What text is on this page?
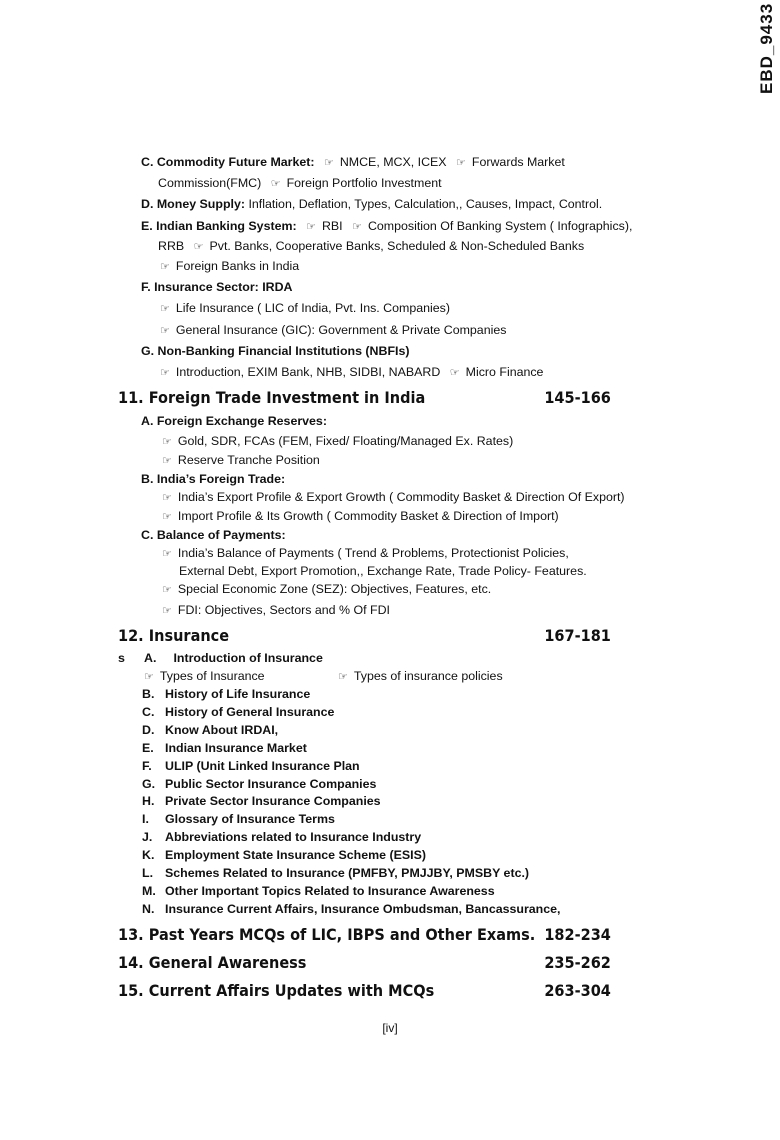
EBD_9433
C. Commodity Future Market: ☞ NMCE, MCX, ICEX ☞ Forwards Market
Commission(FMC) ☞ Foreign Portfolio Investment
D. Money Supply: Inflation, Deflation, Types, Calculation,, Causes, Impact, Control.
E. Indian Banking System: ☞ RBI ☞ Composition Of Banking System ( Infographics),
RRB ☞ Pvt. Banks, Cooperative Banks, Scheduled & Non-Scheduled Banks
☞ Foreign Banks in India
F. Insurance Sector: IRDA
☞ Life Insurance ( LIC of India, Pvt. Ins. Companies)
☞ General Insurance (GIC): Government & Private Companies
G. Non-Banking Financial Institutions (NBFIs)
☞ Introduction, EXIM Bank, NHB, SIDBI, NABARD ☞ Micro Finance
11. Foreign Trade Investment in India	145-166
A. Foreign Exchange Reserves:
☞ Gold, SDR, FCAs (FEM, Fixed/ Floating/Managed Ex. Rates)
☞ Reserve Tranche Position
B. India’s Foreign Trade:
☞ India’s Export Profile & Export Growth ( Commodity Basket & Direction Of Export)
☞ Import Profile & Its Growth ( Commodity Basket & Direction of Import)
C. Balance of Payments:
☞ India’s Balance of Payments ( Trend & Problems, Protectionist Policies,
External Debt, Export Promotion,, Exchange Rate, Trade Policy- Features.
☞ Special Economic Zone (SEZ): Objectives, Features, etc.
☞ FDI: Objectives, Sectors and % Of FDI
12. Insurance	167-181
s A. Introduction of Insurance
☞ Types of Insurance	☞ Types of insurance policies
B. History of Life Insurance
C. History of General Insurance
D. Know About IRDAI,
E. Indian Insurance Market
F. ULIP (Unit Linked Insurance Plan
G. Public Sector Insurance Companies
H. Private Sector Insurance Companies
I. Glossary of Insurance Terms
J. Abbreviations related to Insurance Industry
K. Employment State Insurance Scheme (ESIS)
L. Schemes Related to Insurance (PMFBY, PMJJBY, PMSBY etc.)
M. Other Important Topics Related to Insurance Awareness
N. Insurance Current Affairs, Insurance Ombudsman, Bancassurance,
13. Past Years MCQs of LIC, IBPS and Other Exams. 182-234
14. General Awareness	235-262
15. Current Affairs Updates with MCQs	263-304
[iv]
